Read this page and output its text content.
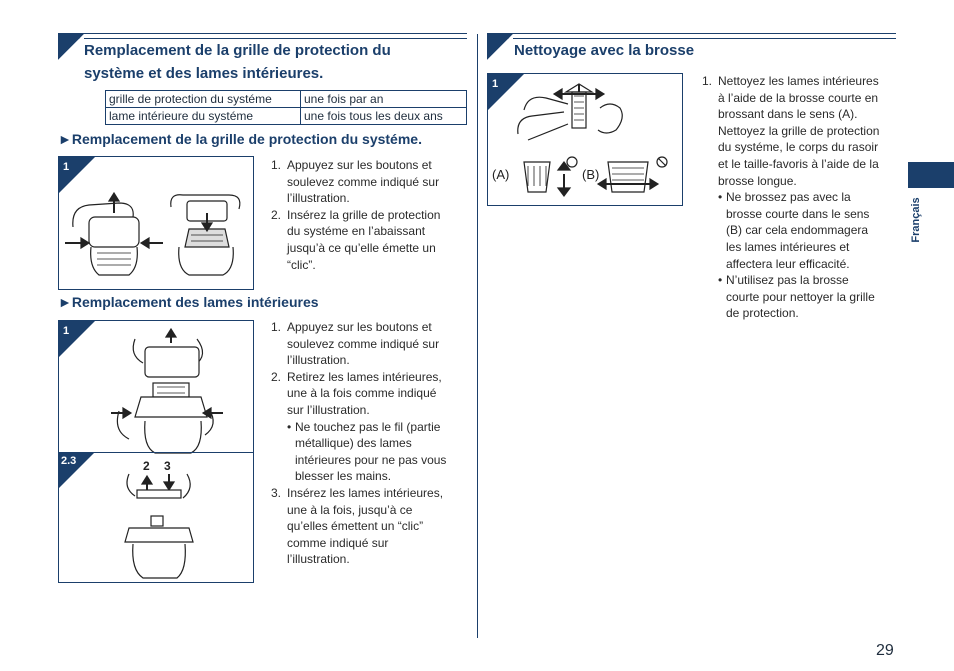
Remplacement de la grille de protection du
système et des lames intérieures.
grille de protection du systéme	une fois par an
lame intérieure du systéme	une fois tous les deux ans
►Remplacement de la grille de protection du systéme.
1	1. Appuyez sur les boutons et
soulevez comme indiqué sur
l’illustration.
2. Insérez la grille de protection
du systéme en l’abaissant
jusqu’à ce qu’elle émette un
“clic”.
►Remplacement des lames intérieures
1
2.3	2 3
1. Appuyez sur les boutons et
soulevez comme indiqué sur
l’illustration.
2. Retirez les lames intérieures,
une à la fois comme indiqué
sur l’illustration.
• Ne touchez pas le fil (partie
métallique) des lames
intérieures pour ne pas vous
blesser les mains.
3. Insérez les lames intérieures,
une à la fois, jusqu’à ce
qu’elles émettent un “clic”
comme indiqué sur
l’illustration.
Nettoyage avec la brosse
1
(A)	(B)
1. Nettoyez les lames intérieures
à l’aide de la brosse courte en
brossant dans le sens (A).
Nettoyez la grille de protection
du systéme, le corps du rasoir
et le taille-favoris à l’aide de la
brosse longue.
• Ne brossez pas avec la
brosse courte dans le sens
(B) car cela endommagera
les lames intérieures et
affectera leur efficacité.
• N’utilisez pas la brosse
courte pour nettoyer la grille
de protection.
Français
29
